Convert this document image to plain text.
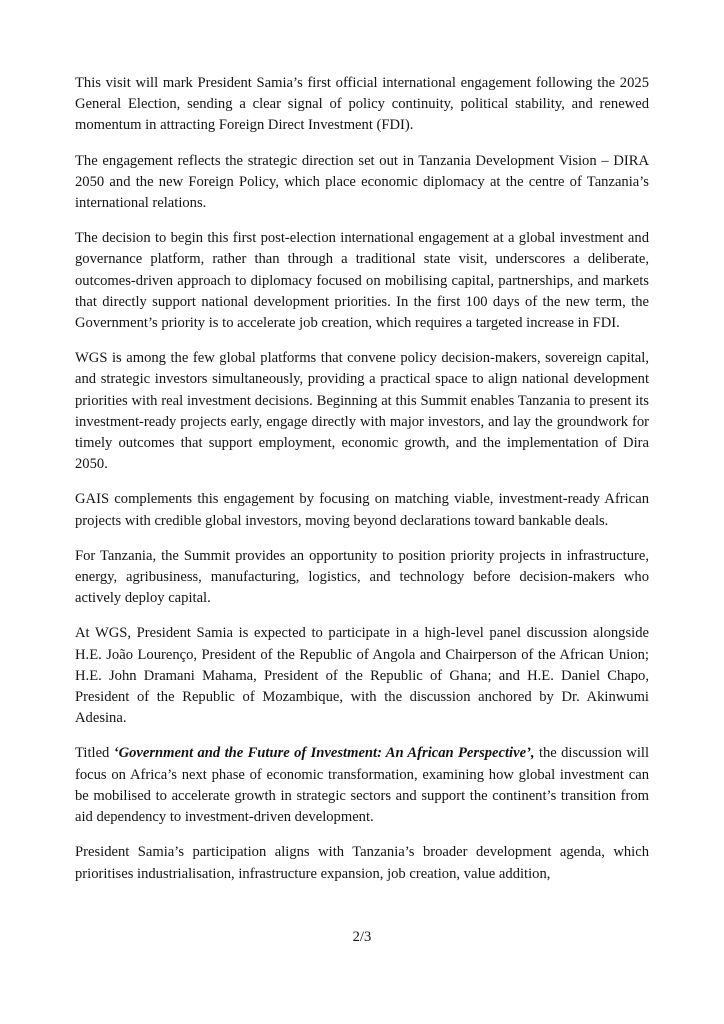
This visit will mark President Samia’s first official international engagement following the 2025 General Election, sending a clear signal of policy continuity, political stability, and renewed momentum in attracting Foreign Direct Investment (FDI).

The engagement reflects the strategic direction set out in Tanzania Development Vision – DIRA 2050 and the new Foreign Policy, which place economic diplomacy at the centre of Tanzania’s international relations.

The decision to begin this first post-election international engagement at a global investment and governance platform, rather than through a traditional state visit, underscores a deliberate, outcomes-driven approach to diplomacy focused on mobilising capital, partnerships, and markets that directly support national development priorities. In the first 100 days of the new term, the Government’s priority is to accelerate job creation, which requires a targeted increase in FDI.

WGS is among the few global platforms that convene policy decision-makers, sovereign capital, and strategic investors simultaneously, providing a practical space to align national development priorities with real investment decisions. Beginning at this Summit enables Tanzania to present its investment-ready projects early, engage directly with major investors, and lay the groundwork for timely outcomes that support employment, economic growth, and the implementation of Dira 2050.

GAIS complements this engagement by focusing on matching viable, investment-ready African projects with credible global investors, moving beyond declarations toward bankable deals.

For Tanzania, the Summit provides an opportunity to position priority projects in infrastructure, energy, agribusiness, manufacturing, logistics, and technology before decision-makers who actively deploy capital.

At WGS, President Samia is expected to participate in a high-level panel discussion alongside H.E. João Lourenço, President of the Republic of Angola and Chairperson of the African Union; H.E. John Dramani Mahama, President of the Republic of Ghana; and H.E. Daniel Chapo, President of the Republic of Mozambique, with the discussion anchored by Dr. Akinwumi Adesina.

Titled ‘Government and the Future of Investment: An African Perspective’, the discussion will focus on Africa’s next phase of economic transformation, examining how global investment can be mobilised to accelerate growth in strategic sectors and support the continent’s transition from aid dependency to investment-driven development.

President Samia’s participation aligns with Tanzania’s broader development agenda, which prioritises industrialisation, infrastructure expansion, job creation, value addition,

2/3
